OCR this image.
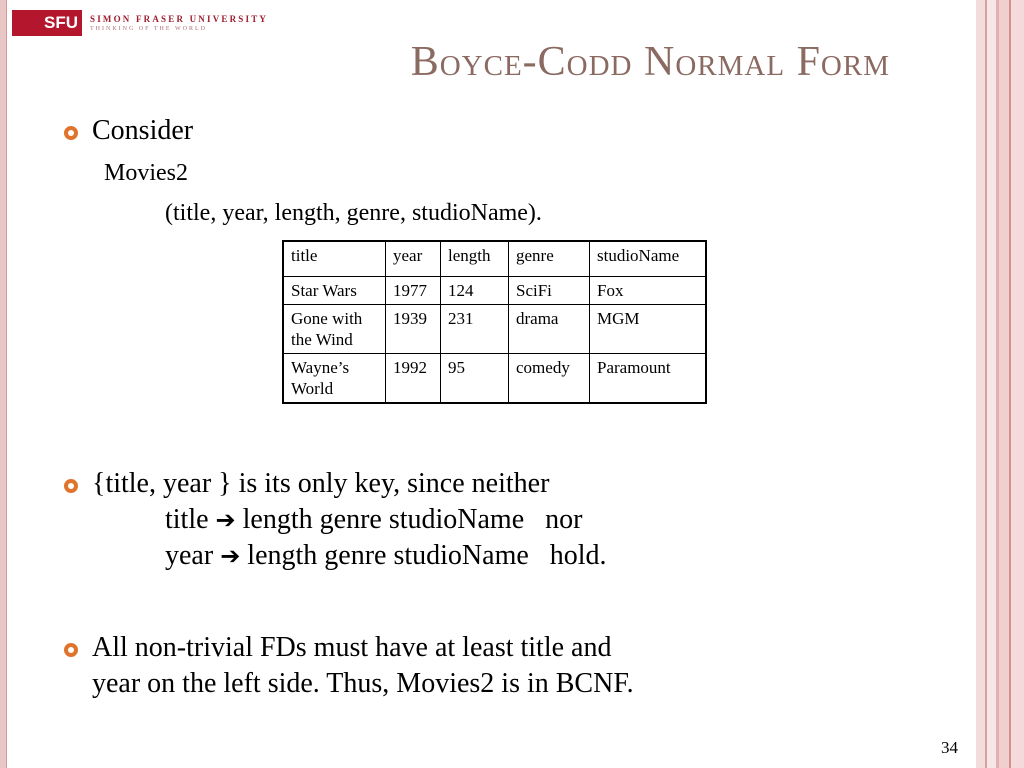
SFU	SIMON FRASER UNIVERSITY
THINKING OF THE WORLD
Boyce-Codd Normal Form
Consider
Movies2
(title, year, length, genre, studioName).
title	year	length	genre	studioName
Star Wars	1977	124	SciFi	Fox
Gone with
the Wind	1939	231	drama	MGM
Wayne’s
World	1992	95	comedy	Paramount
{title, year } is its only key, since neither
title ➔ length genre studioName nor
year ➔ length genre studioName hold.
All non-trivial FDs must have at least title and
year on the left side. Thus, Movies2 is in BCNF.
34
